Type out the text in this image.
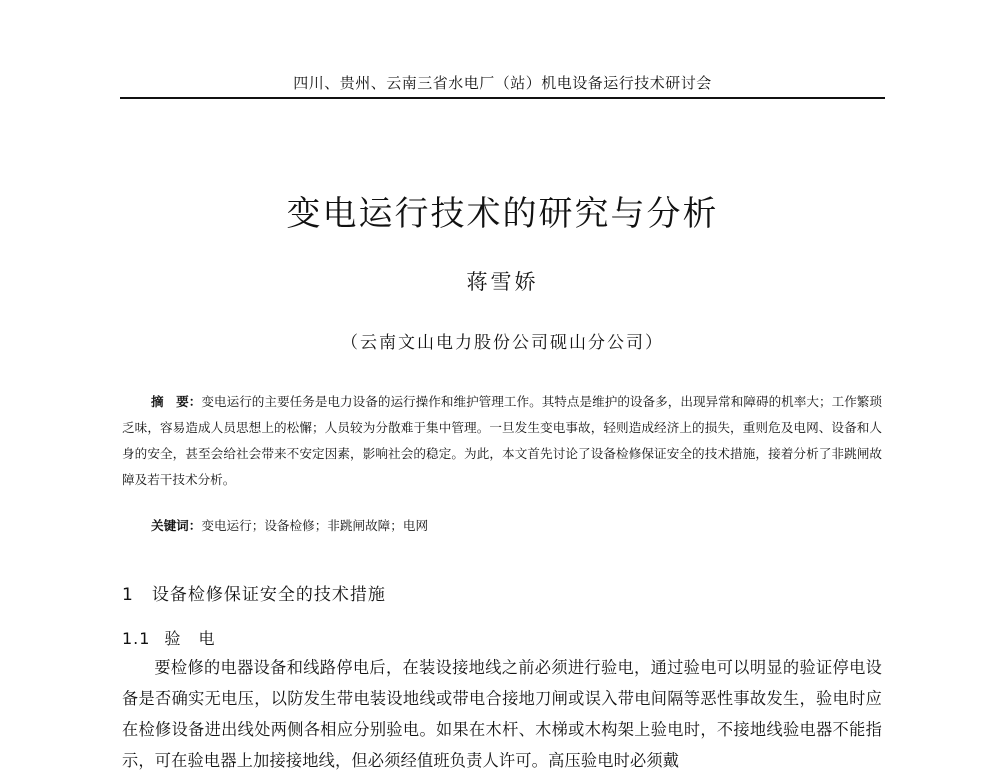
四川、贵州、云南三省水电厂（站）机电设备运行技术研讨会
变电运行技术的研究与分析
蒋雪娇
（云南文山电力股份公司砚山分公司）
摘　要：变电运行的主要任务是电力设备的运行操作和维护管理工作。其特点是维护的设备多，出现异常和障碍的机率大；工作繁琐乏味，容易造成人员思想上的松懈；人员较为分散难于集中管理。一旦发生变电事故，轻则造成经济上的损失，重则危及电网、设备和人身的安全，甚至会给社会带来不安定因素，影响社会的稳定。为此，本文首先讨论了设备检修保证安全的技术措施，接着分析了非跳闸故障及若干技术分析。
关键词：变电运行；设备检修；非跳闸故障；电网
1 设备检修保证安全的技术措施
1.1 验　电
要检修的电器设备和线路停电后，在装设接地线之前必须进行验电，通过验电可以明显的验证停电设备是否确实无电压，以防发生带电装设地线或带电合接地刀闸或误入带电间隔等恶性事故发生，验电时应在检修设备进出线处两侧各相应分别验电。如果在木杆、木梯或木构架上验电时，不接地线验电器不能指示，可在验电器上加接接地线，但必须经值班负责人许可。高压验电时必须戴
